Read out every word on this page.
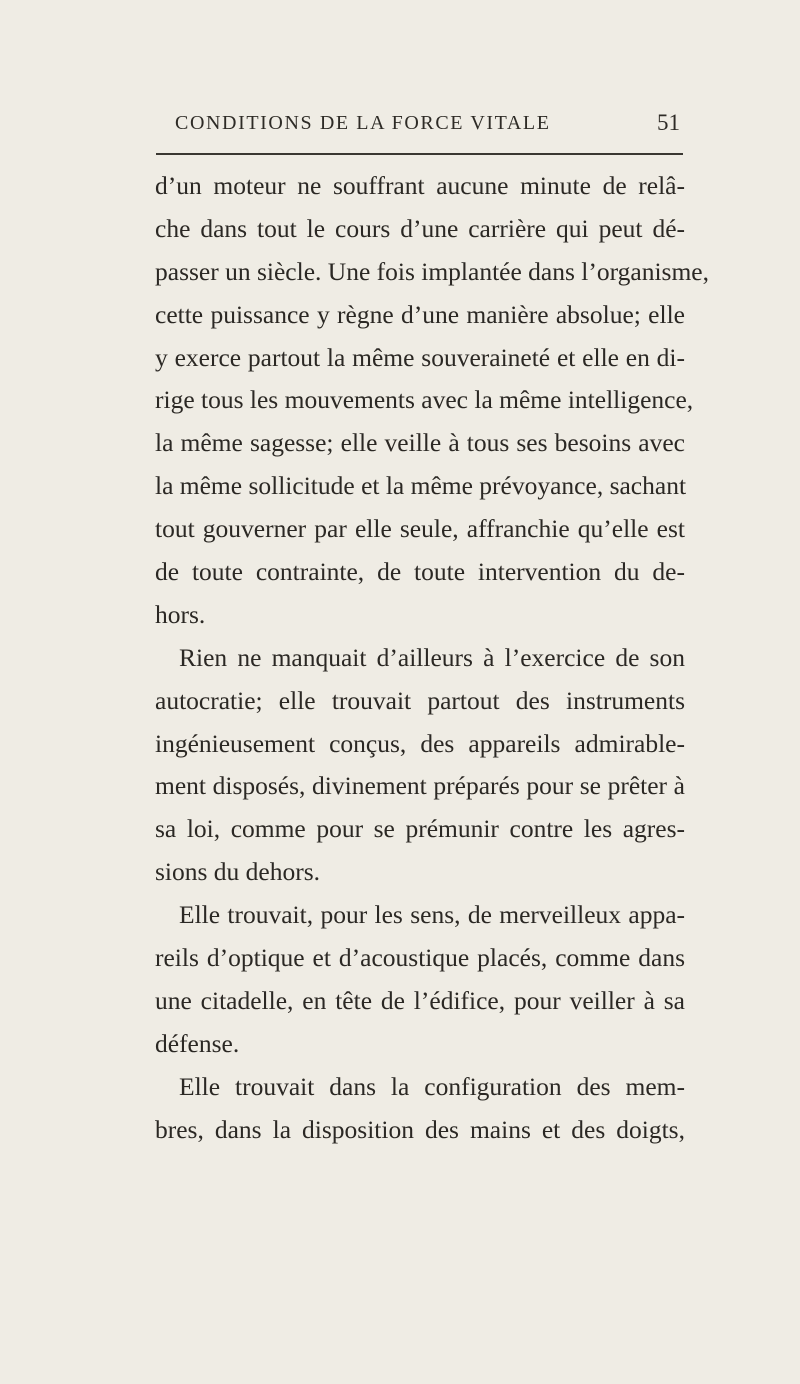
CONDITIONS DE LA FORCE VITALE	51
d’un moteur ne souffrant aucune minute de relâ-
che dans tout le cours d’une carrière qui peut dé-
passer un siècle. Une fois implantée dans l’organisme,
cette puissance y règne d’une manière absolue; elle
y exerce partout la même souveraineté et elle en di-
rige tous les mouvements avec la même intelligence,
la même sagesse; elle veille à tous ses besoins avec
la même sollicitude et la même prévoyance, sachant
tout gouverner par elle seule, affranchie qu’elle est
de toute contrainte, de toute intervention du de-
hors.
Rien ne manquait d’ailleurs à l’exercice de son
autocratie; elle trouvait partout des instruments
ingénieusement conçus, des appareils admirable-
ment disposés, divinement préparés pour se prêter à
sa loi, comme pour se prémunir contre les agres-
sions du dehors.
Elle trouvait, pour les sens, de merveilleux appa-
reils d’optique et d’acoustique placés, comme dans
une citadelle, en tête de l’édifice, pour veiller à sa
défense.
Elle trouvait dans la configuration des mem-
bres, dans la disposition des mains et des doigts,
